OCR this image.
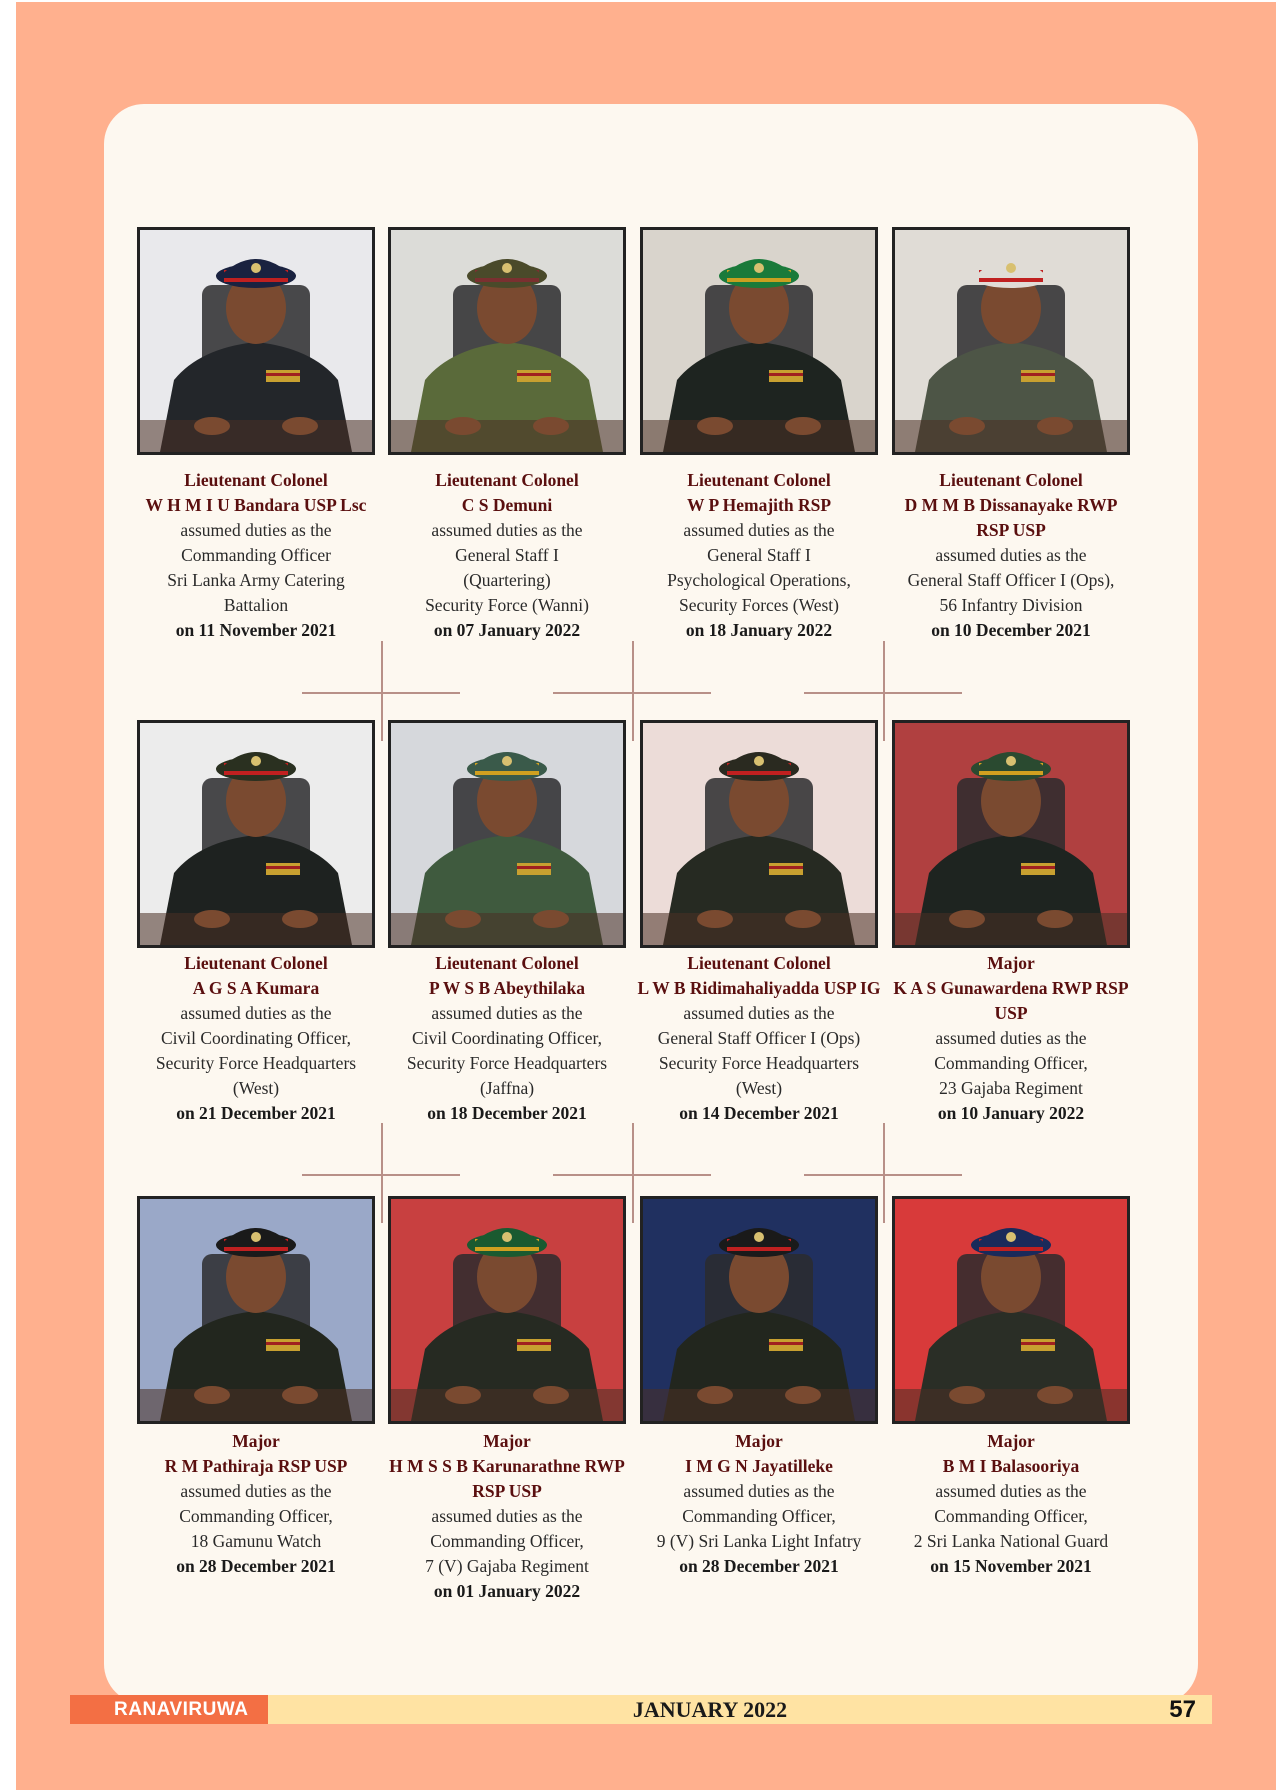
Lieutenant Colonel
W H M I U Bandara USP Lsc
assumed duties as the
Commanding Officer
Sri Lanka Army Catering
Battalion
on 11 November 2021
Lieutenant Colonel
C S Demuni
assumed duties as the
General Staff I
(Quartering)
Security Force (Wanni)
on 07 January 2022
Lieutenant Colonel
W P Hemajith RSP
assumed duties as the
General Staff I
Psychological Operations,
Security Forces (West)
on 18 January 2022
Lieutenant Colonel
D M M B Dissanayake RWP
RSP USP
assumed duties as the
General Staff Officer I (Ops),
56 Infantry Division
on 10 December 2021
Lieutenant Colonel
A G S A Kumara
assumed duties as the
Civil Coordinating Officer,
Security Force Headquarters
(West)
on 21 December 2021
Lieutenant Colonel
P W S B Abeythilaka
assumed duties as the
Civil Coordinating Officer,
Security Force Headquarters
(Jaffna)
on 18 December 2021
Lieutenant Colonel
L W B Ridimahaliyadda USP IG
assumed duties as the
General Staff Officer I (Ops)
Security Force Headquarters
(West)
on 14 December 2021
Major
K A S Gunawardena RWP RSP
USP
assumed duties as the
Commanding Officer,
23 Gajaba Regiment
on 10 January 2022
Major
R M Pathiraja RSP USP
assumed duties as the
Commanding Officer,
18 Gamunu Watch
on 28 December 2021
Major
H M S S B Karunarathne RWP
RSP USP
assumed duties as the
Commanding Officer,
7 (V) Gajaba Regiment
on 01 January 2022
Major
I M G N Jayatilleke
assumed duties as the
Commanding Officer,
9 (V) Sri Lanka Light Infatry
on 28 December 2021
Major
B M I Balasooriya
assumed duties as the
Commanding Officer,
2 Sri Lanka National Guard
on 15 November 2021
RANAVIRUWA	JANUARY 2022	57
